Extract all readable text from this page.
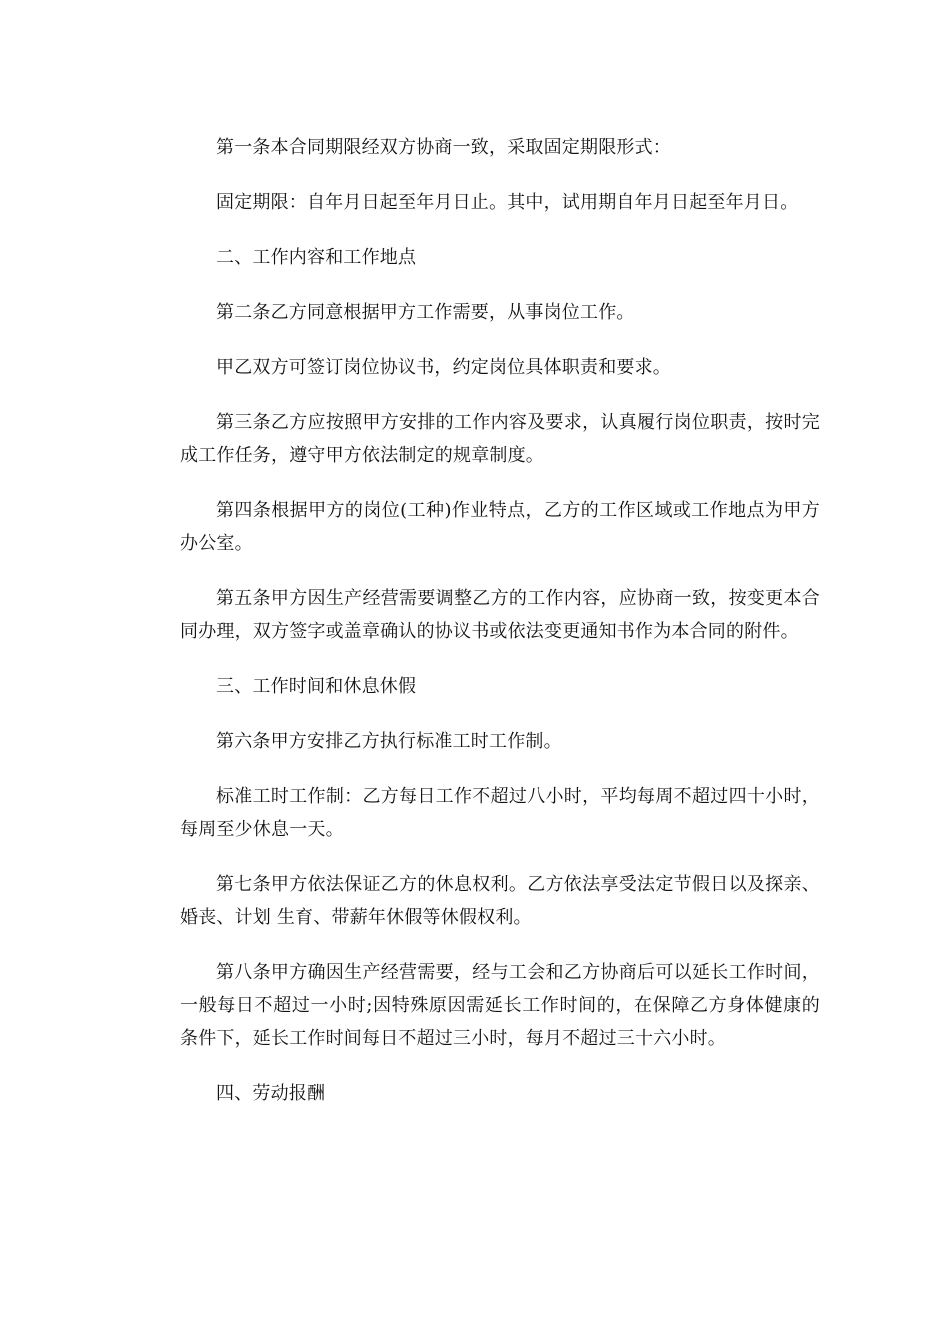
第一条本合同期限经双方协商一致，采取固定期限形式：

固定期限：自年月日起至年月日止。其中，试用期自年月日起至年月日。

二、工作内容和工作地点

第二条乙方同意根据甲方工作需要，从事岗位工作。

甲乙双方可签订岗位协议书，约定岗位具体职责和要求。

第三条乙方应按照甲方安排的工作内容及要求，认真履行岗位职责，按时完成工作任务，遵守甲方依法制定的规章制度。

第四条根据甲方的岗位(工种)作业特点，乙方的工作区域或工作地点为甲方办公室。

第五条甲方因生产经营需要调整乙方的工作内容，应协商一致，按变更本合同办理，双方签字或盖章确认的协议书或依法变更通知书作为本合同的附件。

三、工作时间和休息休假

第六条甲方安排乙方执行标准工时工作制。

标准工时工作制：乙方每日工作不超过八小时，平均每周不超过四十小时，每周至少休息一天。

第七条甲方依法保证乙方的休息权利。乙方依法享受法定节假日以及探亲、婚丧、计划 生育、带薪年休假等休假权利。

第八条甲方确因生产经营需要，经与工会和乙方协商后可以延长工作时间，一般每日不超过一小时;因特殊原因需延长工作时间的，在保障乙方身体健康的条件下，延长工作时间每日不超过三小时，每月不超过三十六小时。

四、劳动报酬
